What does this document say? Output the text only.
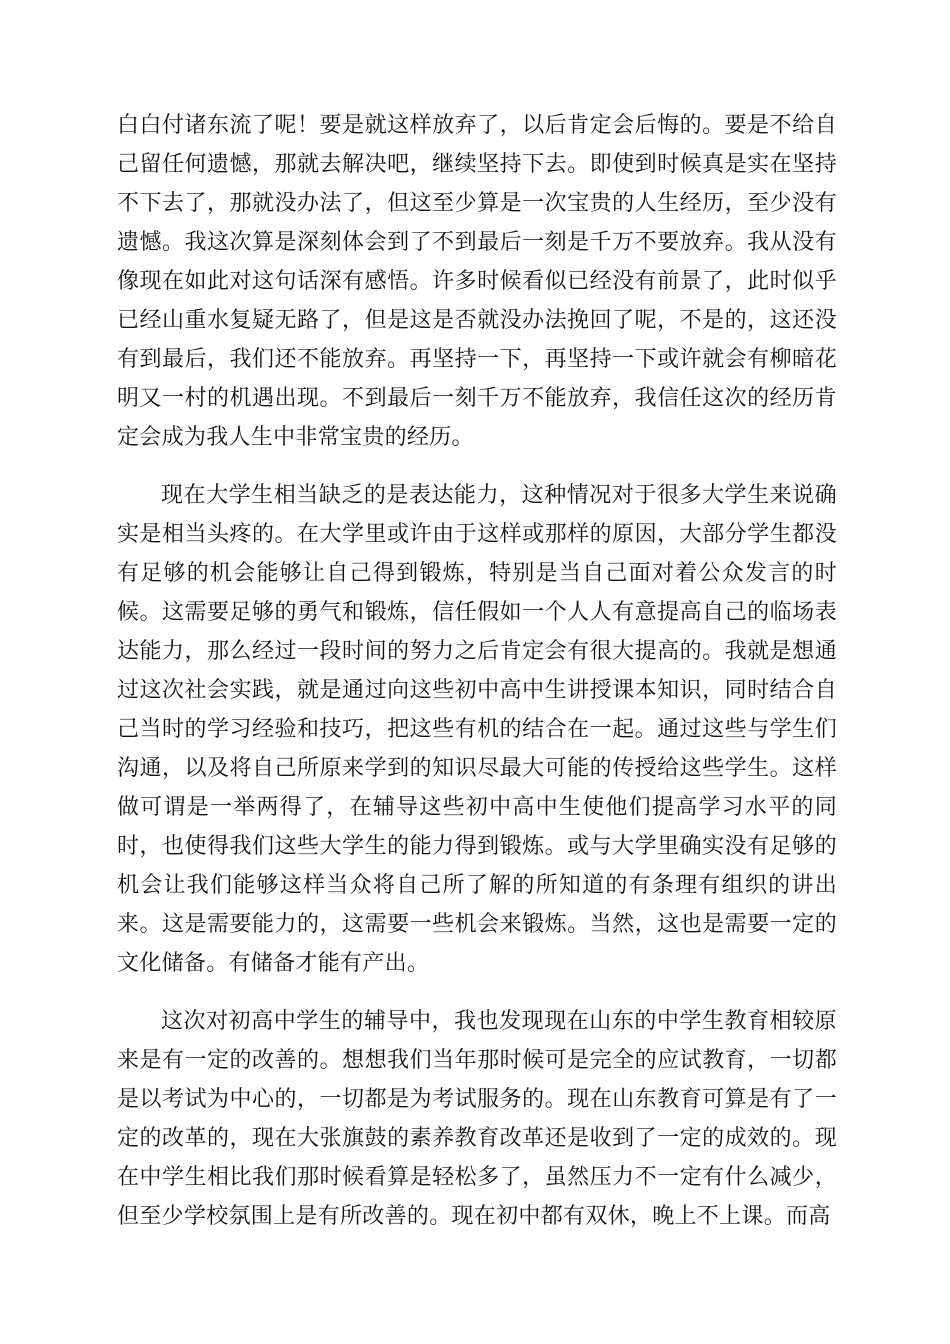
白白付诸东流了呢！要是就这样放弃了，以后肯定会后悔的。要是不给自己留任何遗憾，那就去解决吧，继续坚持下去。即使到时候真是实在坚持不下去了，那就没办法了，但这至少算是一次宝贵的人生经历，至少没有遗憾。我这次算是深刻体会到了不到最后一刻是千万不要放弃。我从没有像现在如此对这句话深有感悟。许多时候看似已经没有前景了，此时似乎已经山重水复疑无路了，但是这是否就没办法挽回了呢，不是的，这还没有到最后，我们还不能放弃。再坚持一下，再坚持一下或许就会有柳暗花明又一村的机遇出现。不到最后一刻千万不能放弃，我信任这次的经历肯定会成为我人生中非常宝贵的经历。

现在大学生相当缺乏的是表达能力，这种情况对于很多大学生来说确实是相当头疼的。在大学里或许由于这样或那样的原因，大部分学生都没有足够的机会能够让自己得到锻炼，特别是当自己面对着公众发言的时候。这需要足够的勇气和锻炼，信任假如一个人人有意提高自己的临场表达能力，那么经过一段时间的努力之后肯定会有很大提高的。我就是想通过这次社会实践，就是通过向这些初中高中生讲授课本知识，同时结合自己当时的学习经验和技巧，把这些有机的结合在一起。通过这些与学生们沟通，以及将自己所原来学到的知识尽最大可能的传授给这些学生。这样做可谓是一举两得了，在辅导这些初中高中生使他们提高学习水平的同时，也使得我们这些大学生的能力得到锻炼。或与大学里确实没有足够的机会让我们能够这样当众将自己所了解的所知道的有条理有组织的讲出来。这是需要能力的，这需要一些机会来锻炼。当然，这也是需要一定的文化储备。有储备才能有产出。

这次对初高中学生的辅导中，我也发现现在山东的中学生教育相较原来是有一定的改善的。想想我们当年那时候可是完全的应试教育，一切都是以考试为中心的，一切都是为考试服务的。现在山东教育可算是有了一定的改革的，现在大张旗鼓的素养教育改革还是收到了一定的成效的。现在中学生相比我们那时候看算是轻松多了，虽然压力不一定有什么减少，但至少学校氛围上是有所改善的。现在初中都有双休，晚上不上课。而高
